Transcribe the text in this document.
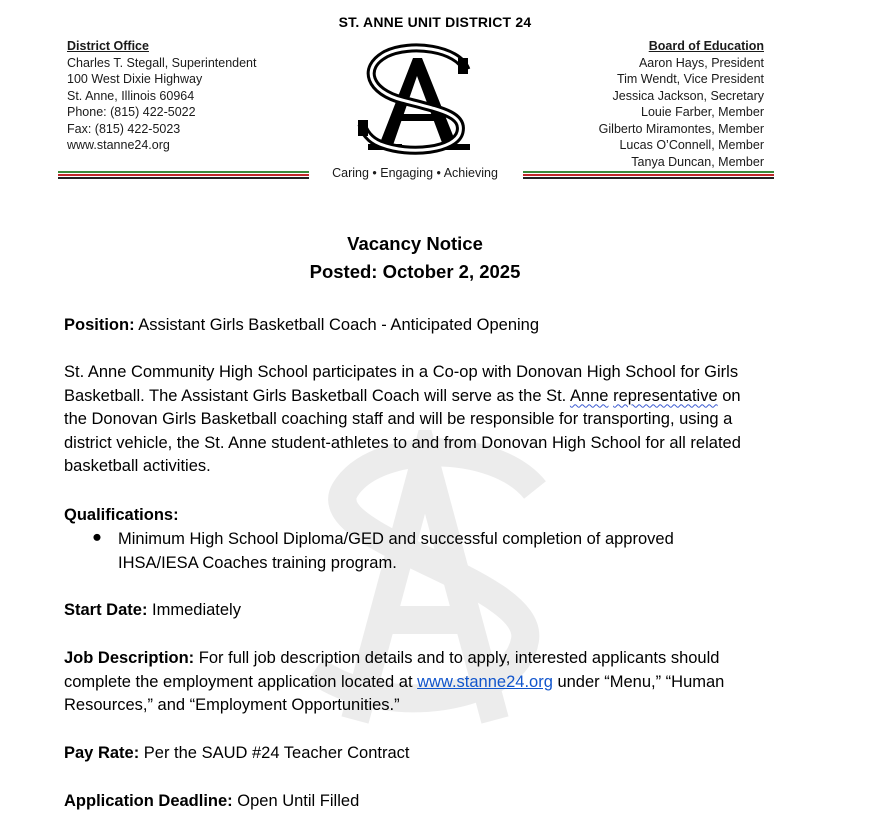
ST. ANNE UNIT DISTRICT 24
District Office
Charles T. Stegall, Superintendent
100 West Dixie Highway
St. Anne, Illinois 60964
Phone: (815) 422-5022
Fax: (815) 422-5023
www.stanne24.org
Board of Education
Aaron Hays, President
Tim Wendt, Vice President
Jessica Jackson, Secretary
Louie Farber, Member
Gilberto Miramontes, Member
Lucas O’Connell, Member
Tanya Duncan, Member
Caring • Engaging • Achieving
Vacancy Notice
Posted: October 2, 2025
Position: Assistant Girls Basketball Coach - Anticipated Opening
St. Anne Community High School participates in a Co-op with Donovan High School for Girls Basketball. The Assistant Girls Basketball Coach will serve as the St. Anne representative on the Donovan Girls Basketball coaching staff and will be responsible for transporting, using a district vehicle, the St. Anne student-athletes to and from Donovan High School for all related basketball activities.
Qualifications:
● Minimum High School Diploma/GED and successful completion of approved IHSA/IESA Coaches training program.
Start Date: Immediately
Job Description: For full job description details and to apply, interested applicants should complete the employment application located at www.stanne24.org under “Menu,” “Human Resources,” and “Employment Opportunities.”
Pay Rate: Per the SAUD #24 Teacher Contract
Application Deadline: Open Until Filled
